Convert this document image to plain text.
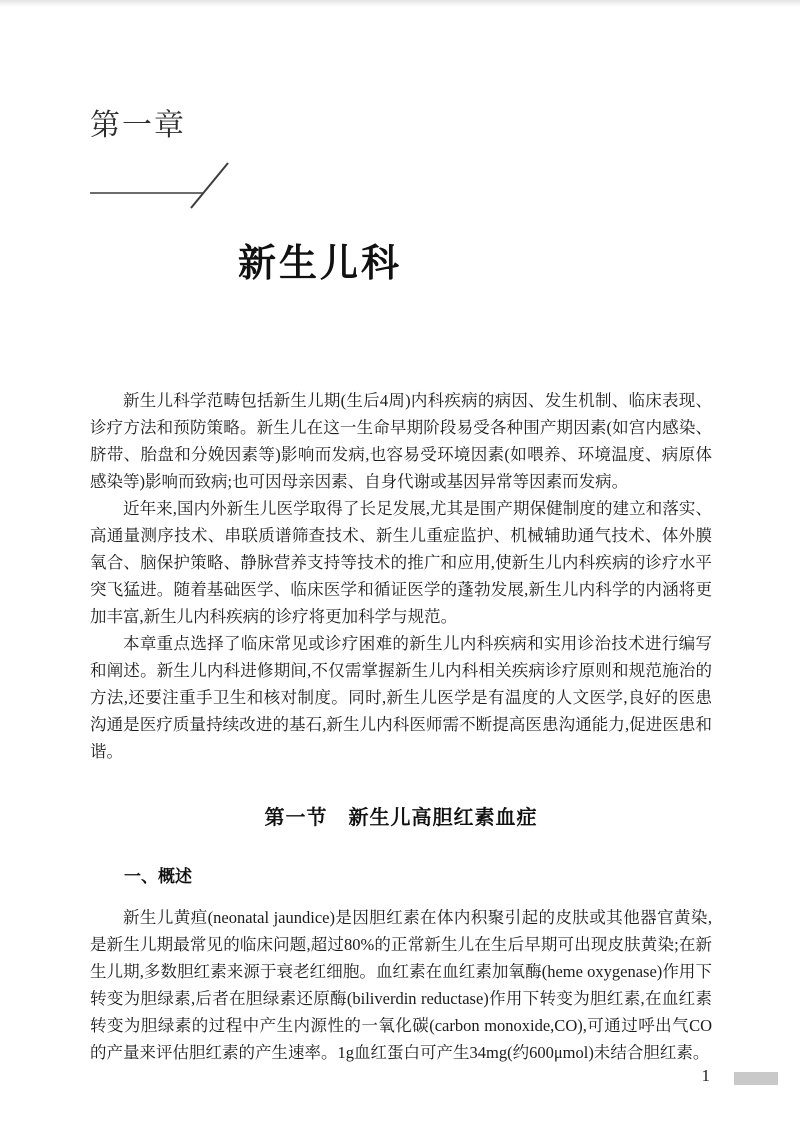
第一章
新生儿科

新生儿科学范畴包括新生儿期(生后4周)内科疾病的病因、发生机制、临床表现、诊疗方法和预防策略。新生儿在这一生命早期阶段易受各种围产期因素(如宫内感染、脐带、胎盘和分娩因素等)影响而发病,也容易受环境因素(如喂养、环境温度、病原体感染等)影响而致病;也可因母亲因素、自身代谢或基因异常等因素而发病。

近年来,国内外新生儿医学取得了长足发展,尤其是围产期保健制度的建立和落实、高通量测序技术、串联质谱筛查技术、新生儿重症监护、机械辅助通气技术、体外膜氧合、脑保护策略、静脉营养支持等技术的推广和应用,使新生儿内科疾病的诊疗水平突飞猛进。随着基础医学、临床医学和循证医学的蓬勃发展,新生儿内科学的内涵将更加丰富,新生儿内科疾病的诊疗将更加科学与规范。

本章重点选择了临床常见或诊疗困难的新生儿内科疾病和实用诊治技术进行编写和阐述。新生儿内科进修期间,不仅需掌握新生儿内科相关疾病诊疗原则和规范施治的方法,还要注重手卫生和核对制度。同时,新生儿医学是有温度的人文医学,良好的医患沟通是医疗质量持续改进的基石,新生儿内科医师需不断提高医患沟通能力,促进医患和谐。

第一节　新生儿高胆红素血症
一、概述

新生儿黄疸(neonatal jaundice)是因胆红素在体内积聚引起的皮肤或其他器官黄染,是新生儿期最常见的临床问题,超过80%的正常新生儿在生后早期可出现皮肤黄染;在新生儿期,多数胆红素来源于衰老红细胞。血红素在血红素加氧酶(heme oxygenase)作用下转变为胆绿素,后者在胆绿素还原酶(biliverdin reductase)作用下转变为胆红素,在血红素转变为胆绿素的过程中产生内源性的一氧化碳(carbon monoxide,CO),可通过呼出气CO的产量来评估胆红素的产生速率。1g血红蛋白可产生34mg(约600μmol)未结合胆红素。

1
